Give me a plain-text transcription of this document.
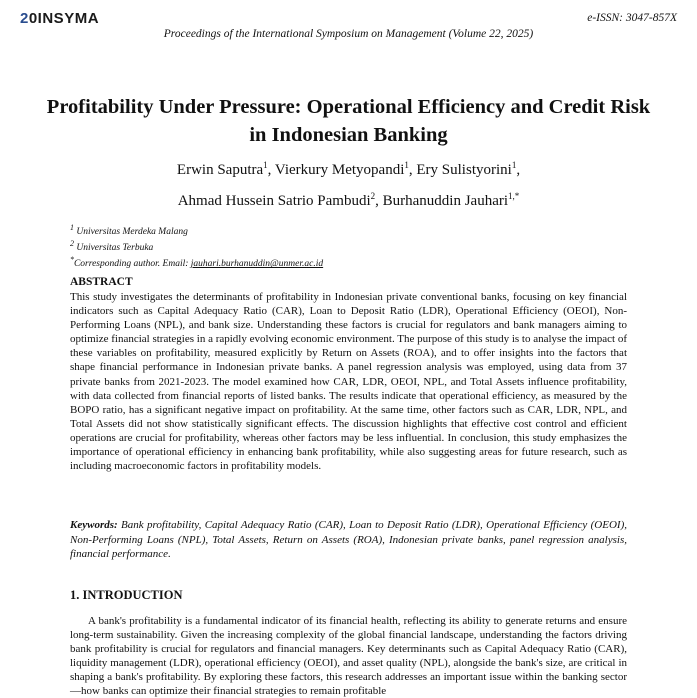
20INSYMA	e-ISSN: 3047-857X
Proceedings of the International Symposium on Management (Volume 22, 2025)
Profitability Under Pressure: Operational Efficiency and Credit Risk in Indonesian Banking
Erwin Saputra$^1$, Vierkury Metyopandi$^1$, Ery Sulistyorini$^1$,
Ahmad Hussein Satrio Pambudi$^2$, Burhanuddin Jauhari$^{1,*}$
$^1$ Universitas Merdeka Malang
$^2$ Universitas Terbuka
*Corresponding author. Email: jauhari.burhanuddin@unmer.ac.id
ABSTRACT
This study investigates the determinants of profitability in Indonesian private conventional banks, focusing on key financial indicators such as Capital Adequacy Ratio (CAR), Loan to Deposit Ratio (LDR), Operational Efficiency (OEOI), Non-Performing Loans (NPL), and bank size. Understanding these factors is crucial for regulators and bank managers aiming to optimize financial strategies in a rapidly evolving economic environment. The purpose of this study is to analyse the impact of these variables on profitability, measured explicitly by Return on Assets (ROA), and to offer insights into the factors that shape financial performance in Indonesian private banks. A panel regression analysis was employed, using data from 37 private banks from 2021-2023. The model examined how CAR, LDR, OEOI, NPL, and Total Assets influence profitability, with data collected from financial reports of listed banks. The results indicate that operational efficiency, as measured by the BOPO ratio, has a significant negative impact on profitability. At the same time, other factors such as CAR, LDR, NPL, and Total Assets did not show statistically significant effects. The discussion highlights that effective cost control and efficient operations are crucial for profitability, whereas other factors may be less influential. In conclusion, this study emphasizes the importance of operational efficiency in enhancing bank profitability, while also suggesting areas for future research, such as including macroeconomic factors in profitability models.
Keywords: Bank profitability, Capital Adequacy Ratio (CAR), Loan to Deposit Ratio (LDR), Operational Efficiency (OEOI), Non-Performing Loans (NPL), Total Assets, Return on Assets (ROA), Indonesian private banks, panel regression analysis, financial performance.
1. INTRODUCTION
A bank's profitability is a fundamental indicator of its financial health, reflecting its ability to generate returns and ensure long-term sustainability. Given the increasing complexity of the global financial landscape, understanding the factors driving bank profitability is crucial for regulators and financial managers. Key determinants such as Capital Adequacy Ratio (CAR), liquidity management (LDR), operational efficiency (OEOI), and asset quality (NPL), alongside the bank's size, are critical in shaping a bank's profitability. By exploring these factors, this research addresses an important issue within the banking sector—how banks can optimize their financial strategies to remain profitable
